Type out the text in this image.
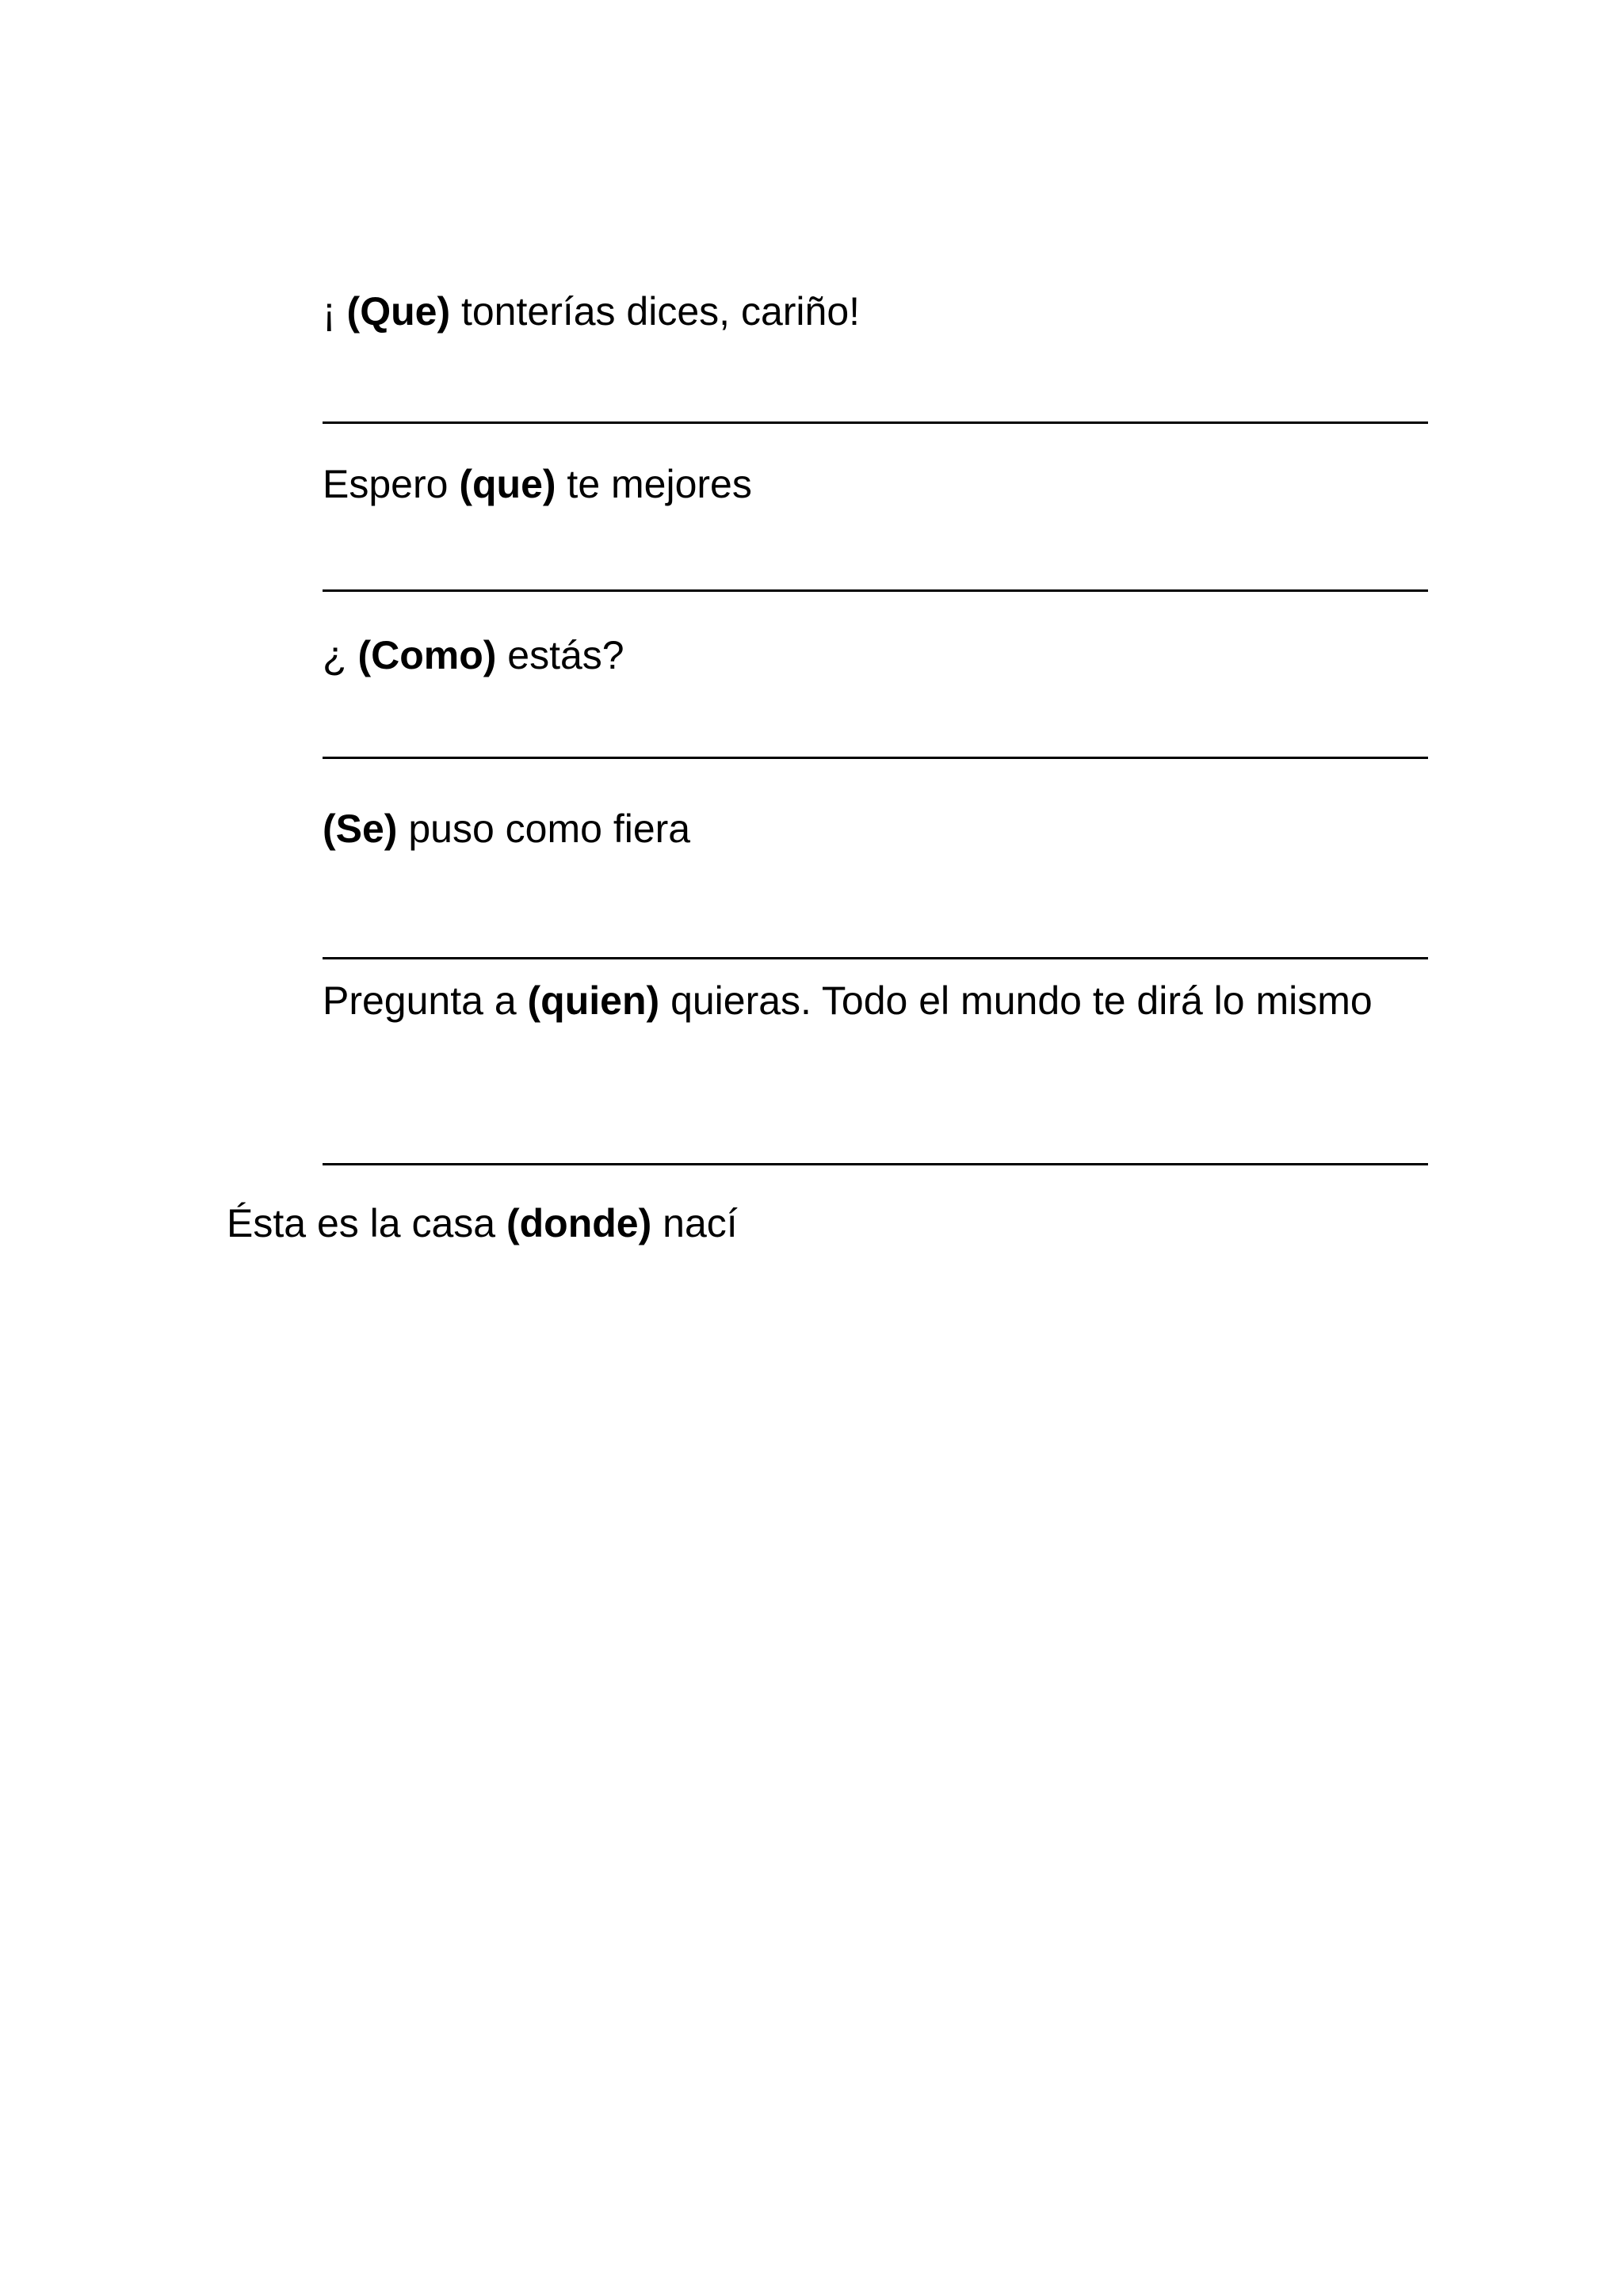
¡ (Que) tonterías dices, cariño!
Espero (que) te mejores
¿ (Como) estás?
(Se) puso como fiera
Pregunta a (quien) quieras. Todo el mundo te dirá lo mismo
Ésta es la casa (donde) nací
